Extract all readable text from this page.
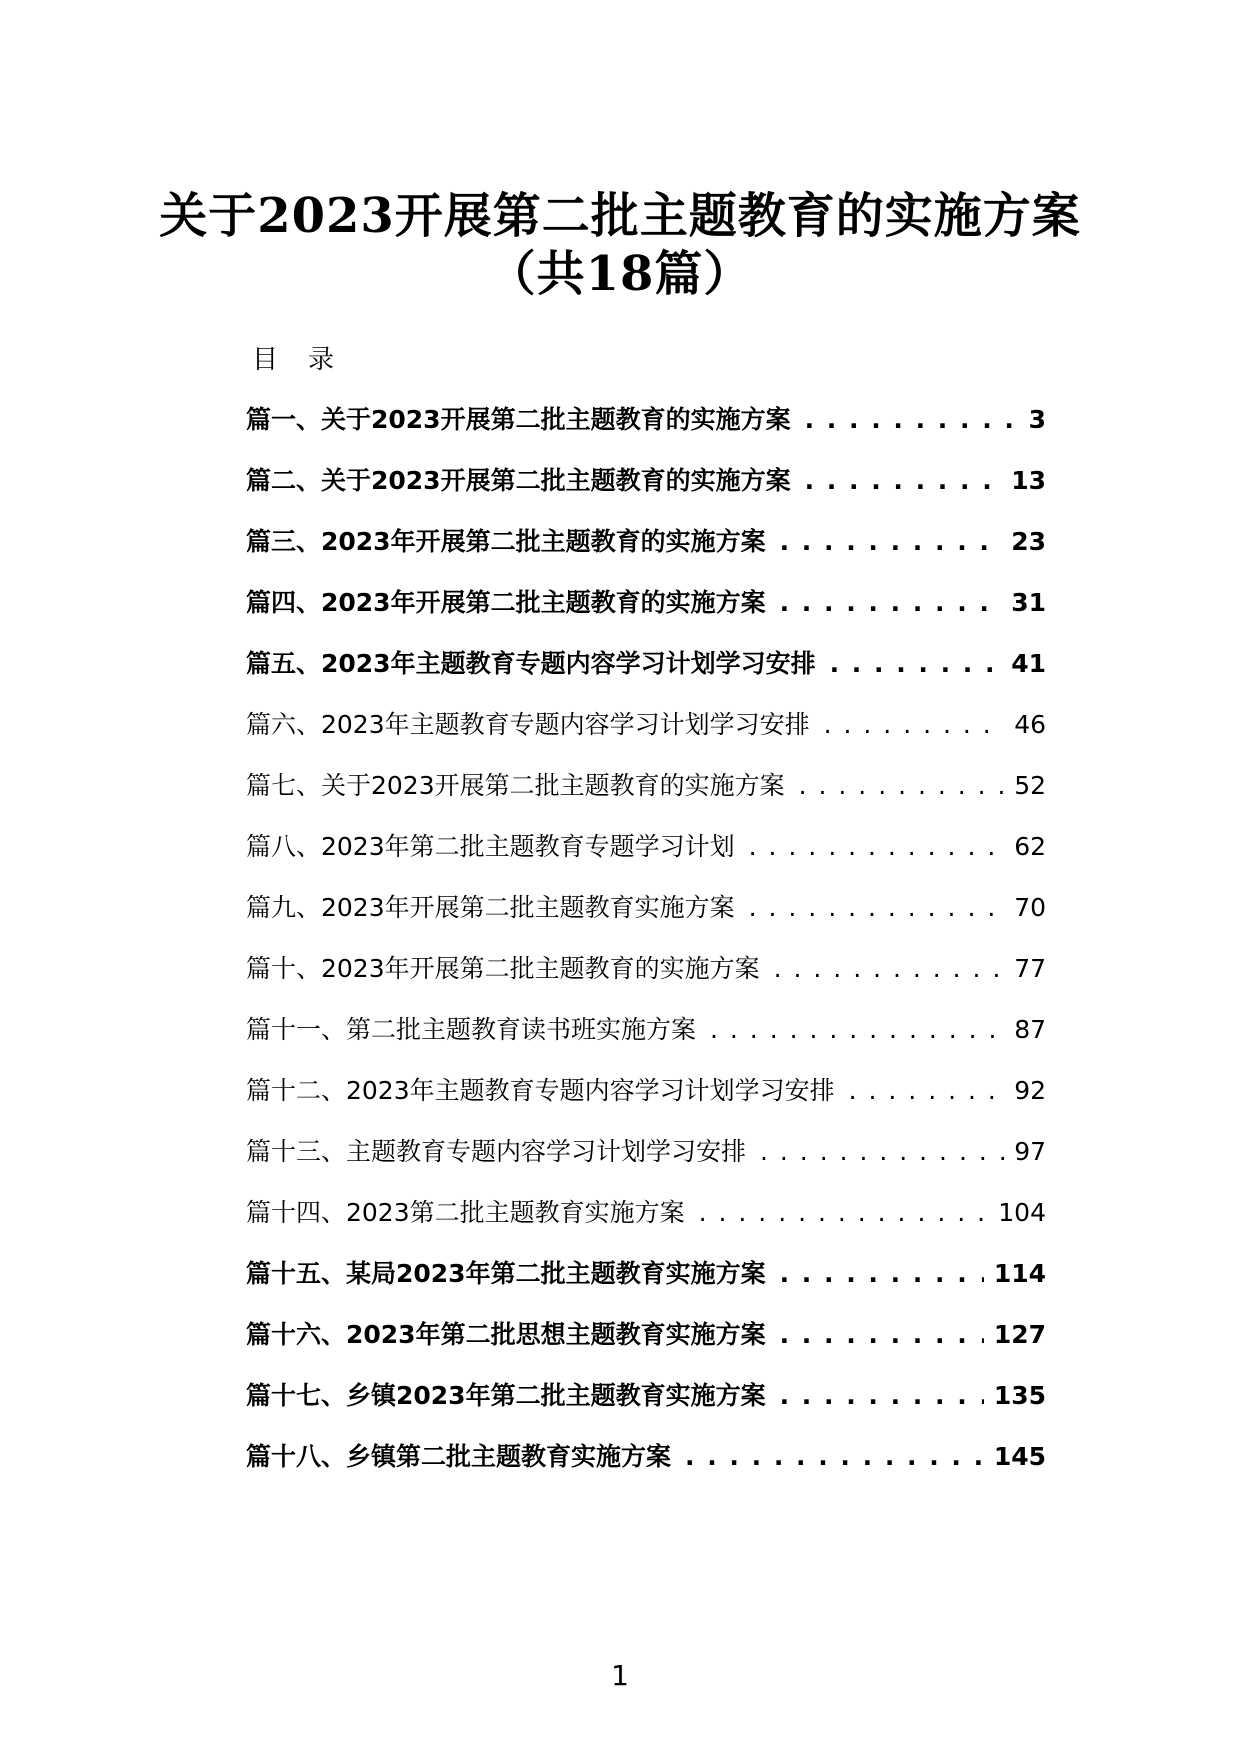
关于2023开展第二批主题教育的实施方案
（共18篇）
目录
篇一、关于2023开展第二批主题教育的实施方案 . . .	3
篇二、关于2023开展第二批主题教育的实施方案 . . .	13
篇三、2023年开展第二批主题教育的实施方案 . . .	23
篇四、2023年开展第二批主题教育的实施方案 . . .	31
篇五、2023年主题教育专题内容学习计划学习安排 . . .	41
篇六、2023年主题教育专题内容学习计划学习安排 . . .	46
篇七、关于2023开展第二批主题教育的实施方案 . . .	52
篇八、2023年第二批主题教育专题学习计划 . . .	62
篇九、2023年开展第二批主题教育实施方案 . . .	70
篇十、2023年开展第二批主题教育的实施方案 . . .	77
篇十一、第二批主题教育读书班实施方案 . . .	87
篇十二、2023年主题教育专题内容学习计划学习安排 . . .	92
篇十三、主题教育专题内容学习计划学习安排 . . .	97
篇十四、2023第二批主题教育实施方案 . . .	104
篇十五、某局2023年第二批主题教育实施方案 . . .	114
篇十六、2023年第二批思想主题教育实施方案 . . .	127
篇十七、乡镇2023年第二批主题教育实施方案 . . .	135
篇十八、乡镇第二批主题教育实施方案 . . .	145
1
